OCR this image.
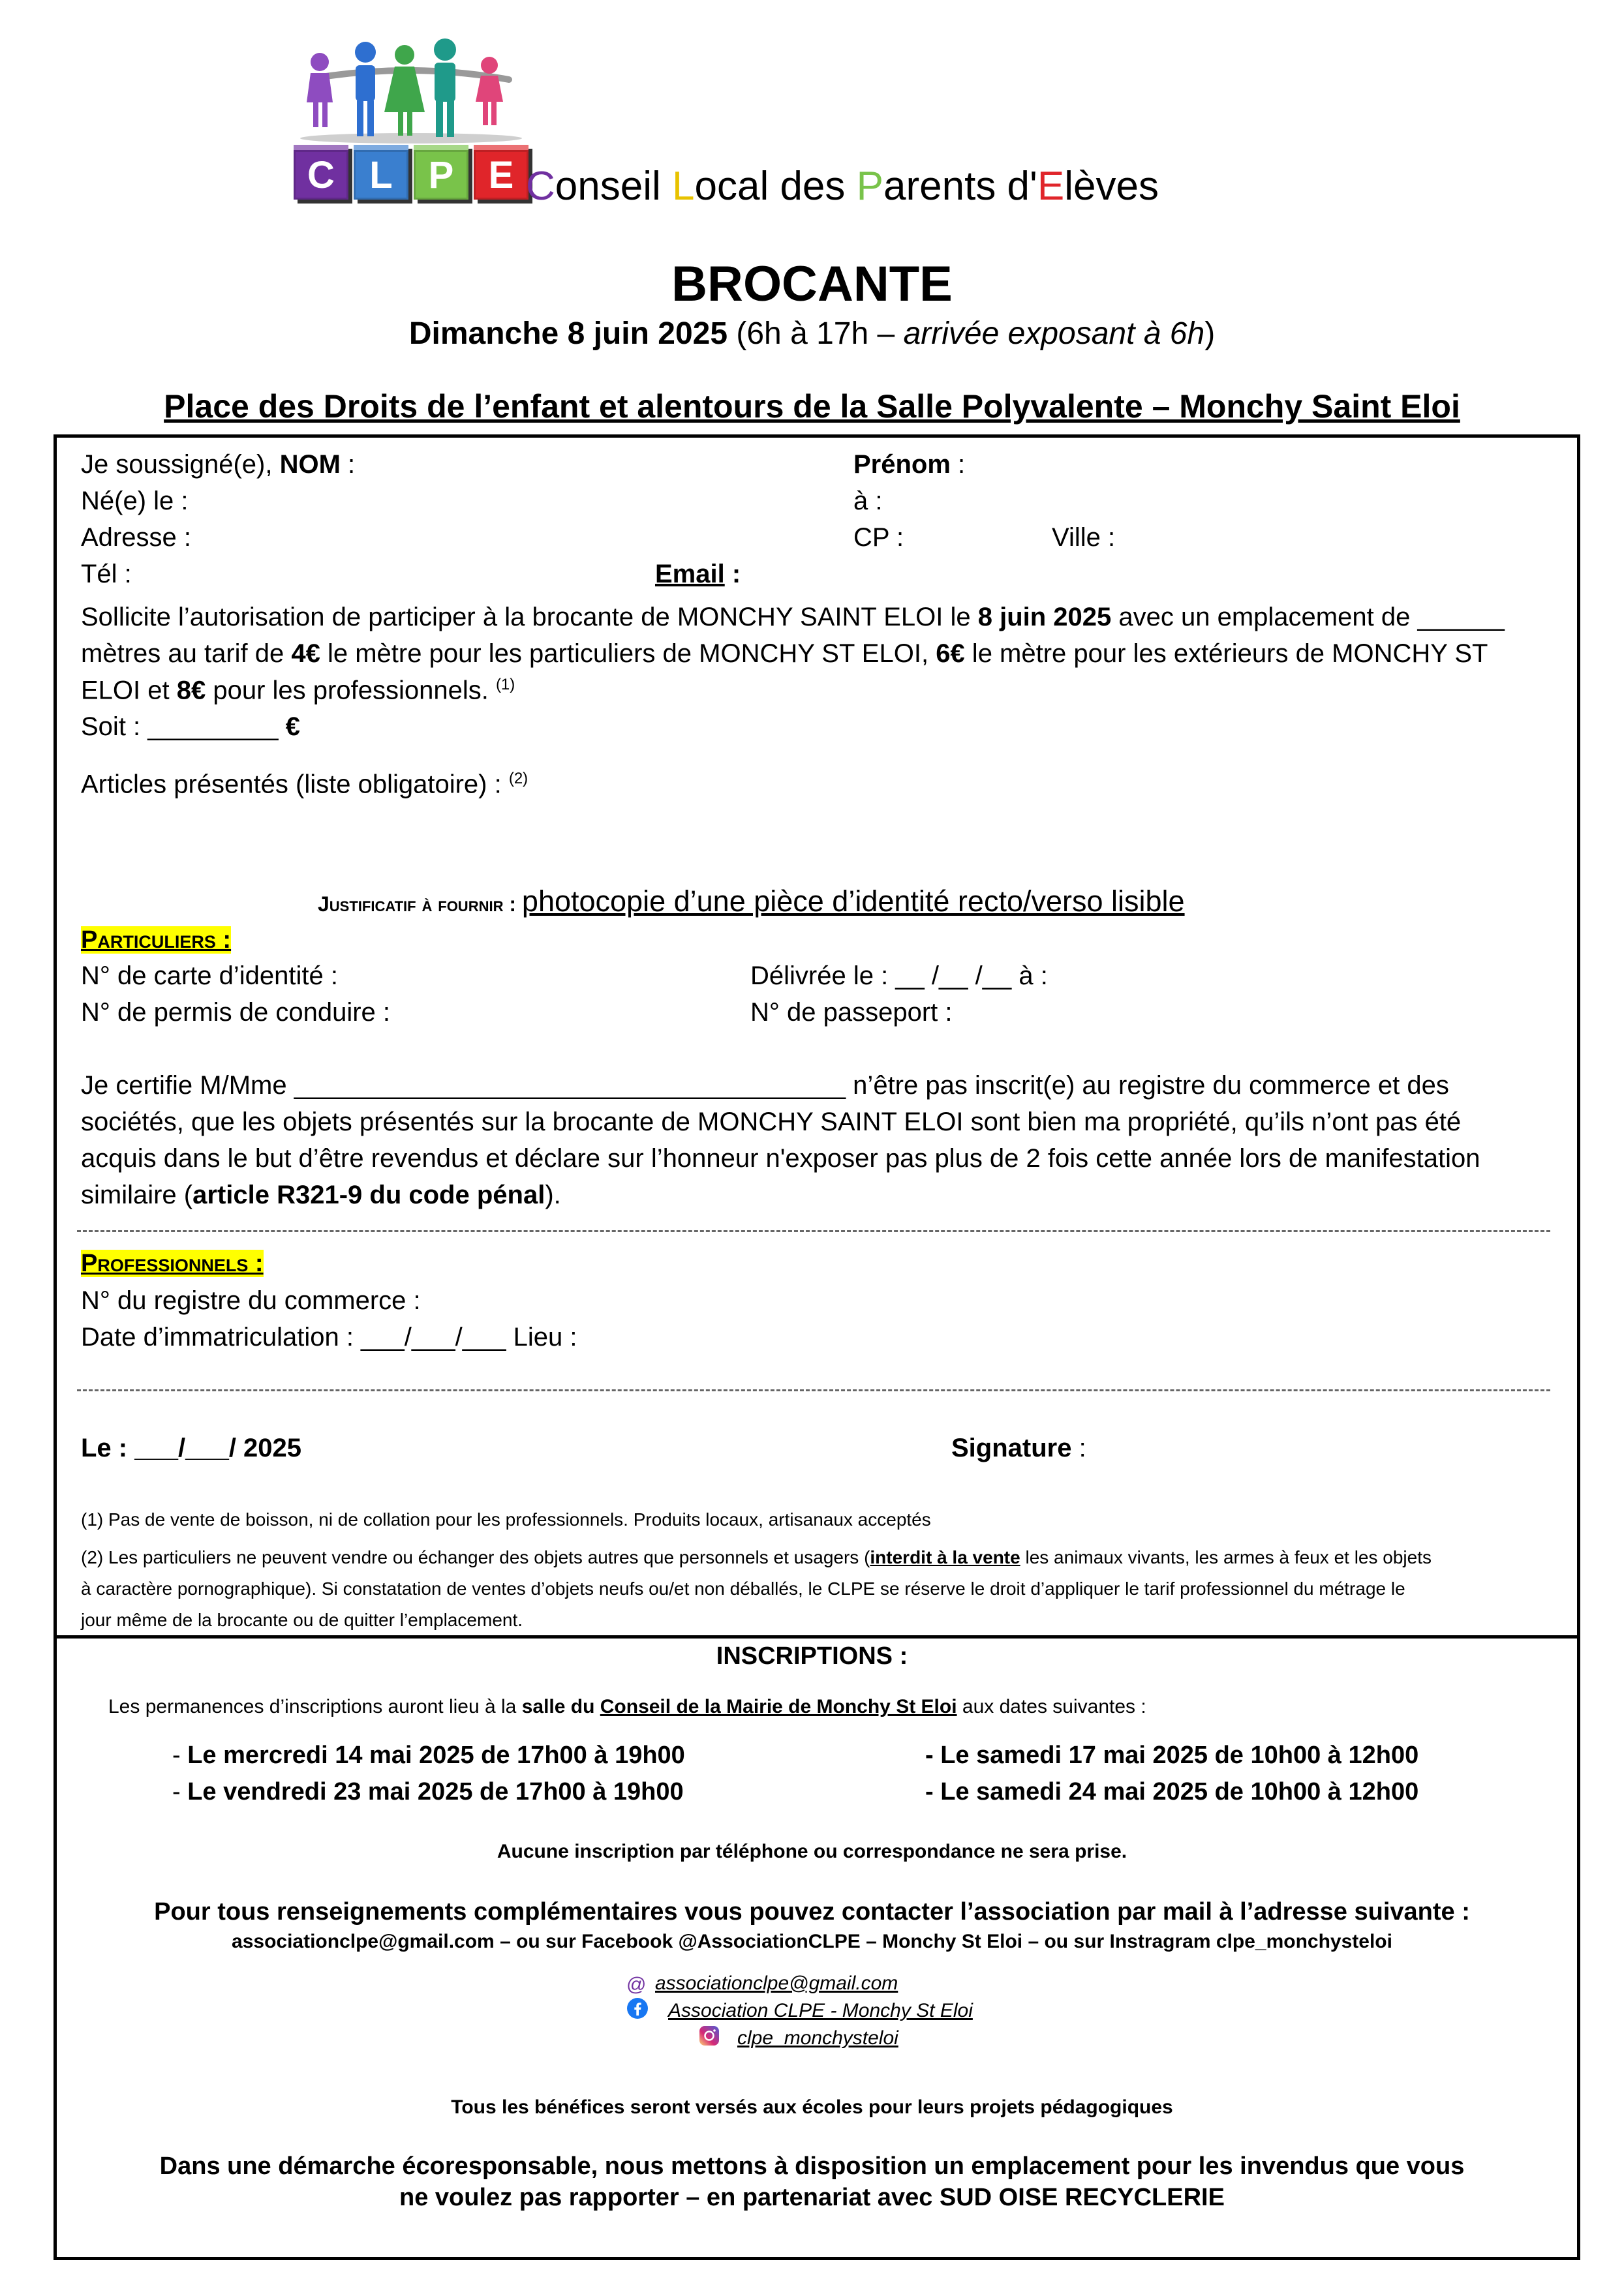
C L P E Conseil Local des Parents d'Elèves
BROCANTE
Dimanche 8 juin 2025 (6h à 17h – arrivée exposant à 6h)
Place des Droits de l’enfant et alentours de la Salle Polyvalente – Monchy Saint Eloi
Je soussigné(e), NOM :	Prénom :
Né(e) le :	à :
Adresse :	CP :	Ville :
Tél :	Email :
Sollicite l’autorisation de participer à la brocante de MONCHY SAINT ELOI le 8 juin 2025 avec un emplacement de ______
mètres au tarif de 4€ le mètre pour les particuliers de MONCHY ST ELOI, 6€ le mètre pour les extérieurs de MONCHY ST
ELOI et 8€ pour les professionnels. $^{(1)}$
Soit : _________ €
Articles présentés (liste obligatoire) : $^{(2)}$
Justificatif à fournir : photocopie d’une pièce d’identité recto/verso lisible
Particuliers :
N° de carte d’identité :	Délivrée le : __ /__ /__ à :
N° de permis de conduire :	N° de passeport :
Je certifie M/Mme ______________________________________ n’être pas inscrit(e) au registre du commerce et des
sociétés, que les objets présentés sur la brocante de MONCHY SAINT ELOI sont bien ma propriété, qu’ils n’ont pas été
acquis dans le but d’être revendus et déclare sur l’honneur n'exposer pas plus de 2 fois cette année lors de manifestation
similaire (article R321-9 du code pénal).
Professionnels :
N° du registre du commerce :
Date d’immatriculation : ___/___/___ Lieu :
Le : ___/___/ 2025	Signature :
(1) Pas de vente de boisson, ni de collation pour les professionnels. Produits locaux, artisanaux acceptés
(2) Les particuliers ne peuvent vendre ou échanger des objets autres que personnels et usagers (interdit à la vente les animaux vivants, les armes à feux et les objets
à caractère pornographique). Si constatation de ventes d’objets neufs ou/et non déballés, le CLPE se réserve le droit d’appliquer le tarif professionnel du métrage le
jour même de la brocante ou de quitter l’emplacement.
INSCRIPTIONS :
Les permanences d’inscriptions auront lieu à la salle du Conseil de la Mairie de Monchy St Eloi aux dates suivantes :
- Le mercredi 14 mai 2025 de 17h00 à 19h00	- Le samedi 17 mai 2025 de 10h00 à 12h00
- Le vendredi 23 mai 2025 de 17h00 à 19h00	- Le samedi 24 mai 2025 de 10h00 à 12h00
Aucune inscription par téléphone ou correspondance ne sera prise.
Pour tous renseignements complémentaires vous pouvez contacter l’association par mail à l’adresse suivante :
associationclpe@gmail.com – ou sur Facebook @AssociationCLPE – Monchy St Eloi – ou sur Instragram clpe_monchysteloi
@ associationclpe@gmail.com
Association CLPE - Monchy St Eloi
clpe_monchysteloi
Tous les bénéfices seront versés aux écoles pour leurs projets pédagogiques
Dans une démarche écoresponsable, nous mettons à disposition un emplacement pour les invendus que vous
ne voulez pas rapporter – en partenariat avec SUD OISE RECYCLERIE
